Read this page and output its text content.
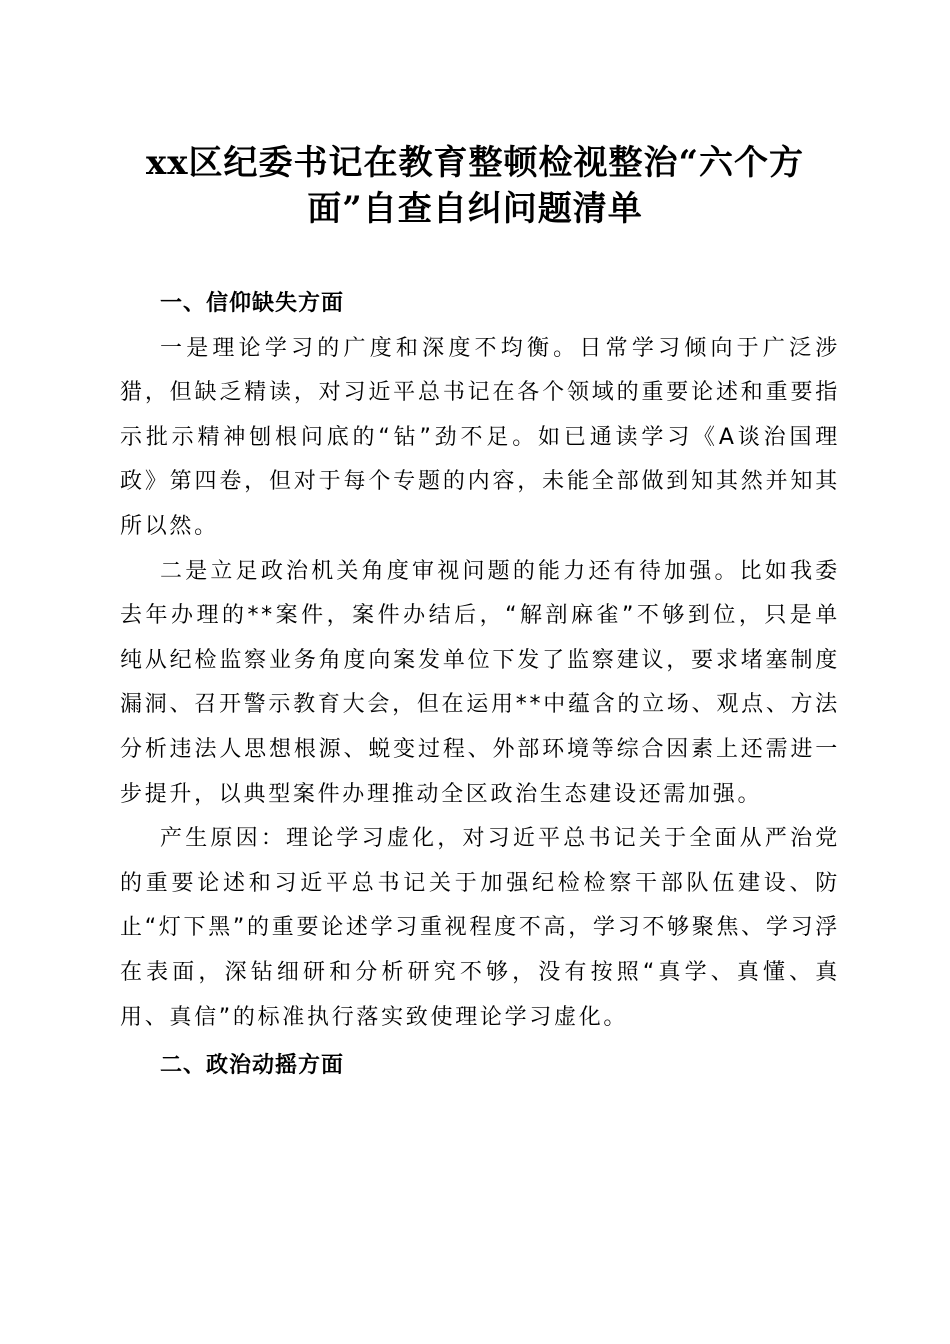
xx区纪委书记在教育整顿检视整治“六个方
面”自查自纠问题清单
一、信仰缺失方面

一是理论学习的广度和深度不均衡。日常学习倾向于广泛涉猎，但缺乏精读，对习近平总书记在各个领域的重要论述和重要指示批示精神刨根问底的“钻”劲不足。如已通读学习《A谈治国理政》第四卷，但对于每个专题的内容，未能全部做到知其然并知其所以然。

二是立足政治机关角度审视问题的能力还有待加强。比如我委去年办理的**案件，案件办结后，“解剖麻雀”不够到位，只是单纯从纪检监察业务角度向案发单位下发了监察建议，要求堵塞制度漏洞、召开警示教育大会，但在运用**中蕴含的立场、观点、方法分析违法人思想根源、蜕变过程、外部环境等综合因素上还需进一步提升，以典型案件办理推动全区政治生态建设还需加强。

产生原因：理论学习虚化，对习近平总书记关于全面从严治党的重要论述和习近平总书记关于加强纪检检察干部队伍建设、防止“灯下黑”的重要论述学习重视程度不高，学习不够聚焦、学习浮在表面，深钻细研和分析研究不够，没有按照“真学、真懂、真用、真信”的标准执行落实致使理论学习虚化。

二、政治动摇方面
